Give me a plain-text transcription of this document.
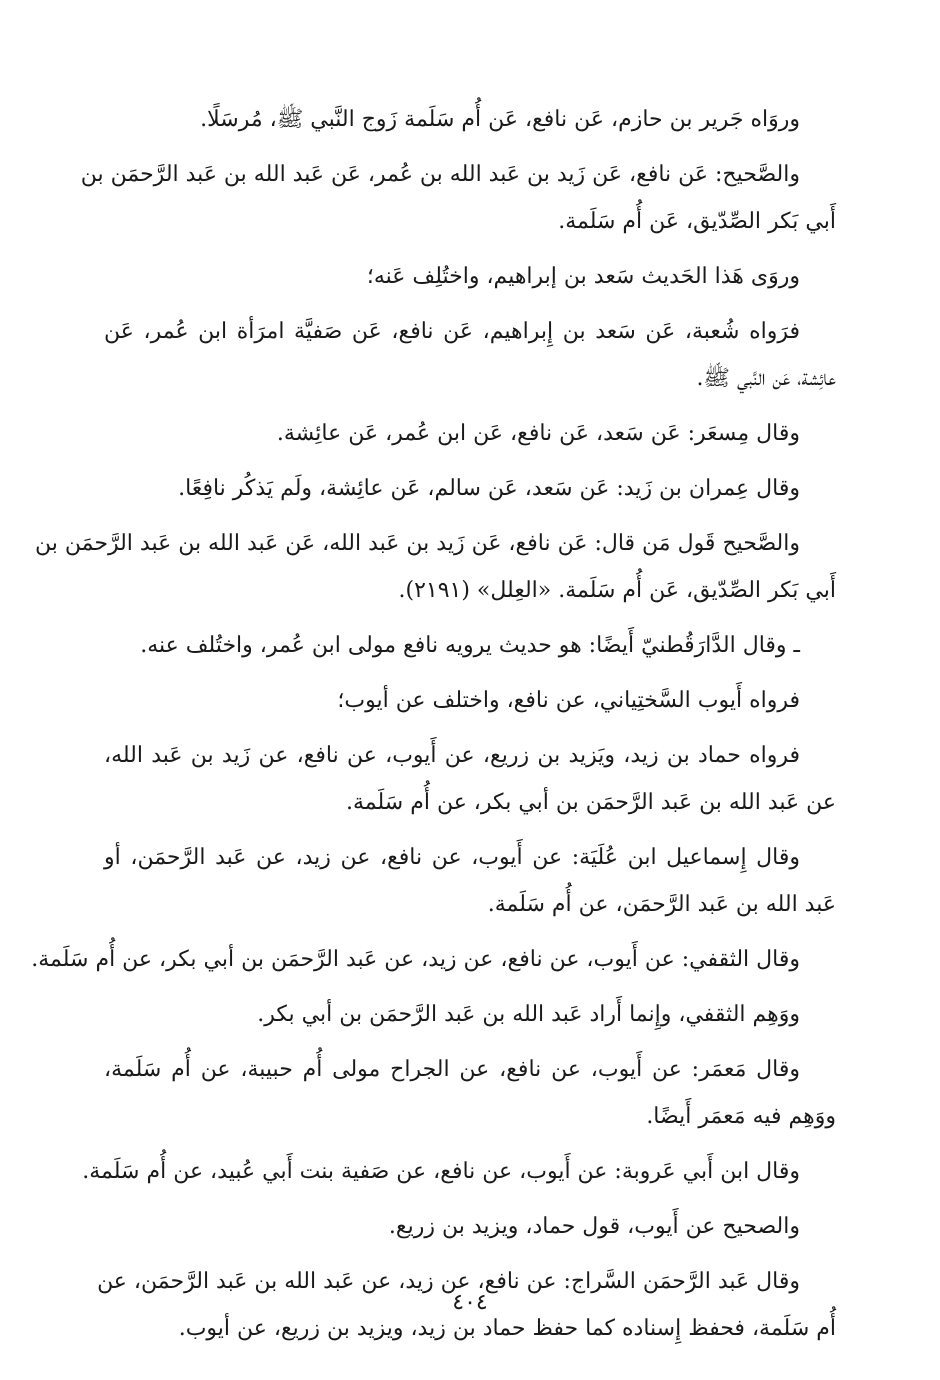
وروَاه جَرير بن حازم، عَن نافع، عَن أُم سَلَمة زَوج النَّبي ﷺ، مُرسَلًا.
والصَّحيح: عَن نافع، عَن زَيد بن عَبد الله بن عُمر، عَن عَبد الله بن عَبد الرَّحمَن بن
أَبي بَكر الصِّدّيق، عَن أُم سَلَمة.
وروَى هَذا الحَديث سَعد بن إبراهيم، واختُلِف عَنه؛
فرَواه شُعبة، عَن سَعد بن إِبراهيم، عَن نافع، عَن صَفيَّة امرَأة ابن عُمر، عَن
عائِشة، عَن النَّبي ﷺ.
وقال مِسعَر: عَن سَعد، عَن نافع، عَن ابن عُمر، عَن عائِشة.
وقال عِمران بن زَيد: عَن سَعد، عَن سالم، عَن عائِشة، ولَم يَذكُر نافِعًا.
والصَّحيح قَول مَن قال: عَن نافع، عَن زَيد بن عَبد الله، عَن عَبد الله بن عَبد الرَّحمَن بن
أَبي بَكر الصِّدّيق، عَن أُم سَلَمة. «العِلل» (٢١٩١).
ـ وقال الدَّارَقُطنيّ أَيضًا: هو حديث يرويه نافع مولى ابن عُمر، واختُلف عنه.
فرواه أَيوب السَّختِياني، عن نافع، واختلف عن أيوب؛
فرواه حماد بن زيد، ويَزيد بن زريع، عن أَيوب، عن نافع، عن زَيد بن عَبد الله،
عن عَبد الله بن عَبد الرَّحمَن بن أبي بكر، عن أُم سَلَمة.
وقال إِسماعيل ابن عُلَيَة: عن أَيوب، عن نافع، عن زيد، عن عَبد الرَّحمَن، أو
عَبد الله بن عَبد الرَّحمَن، عن أُم سَلَمة.
وقال الثقفي: عن أَيوب، عن نافع، عن زيد، عن عَبد الرَّحمَن بن أبي بكر، عن أُم سَلَمة.
ووَهِم الثقفي، وإِنما أَراد عَبد الله بن عَبد الرَّحمَن بن أبي بكر.
وقال مَعمَر: عن أَيوب، عن نافع، عن الجراح مولى أُم حبيبة، عن أُم سَلَمة،
ووَهِم فيه مَعمَر أَيضًا.
وقال ابن أَبي عَروبة: عن أَيوب، عن نافع، عن صَفية بنت أَبي عُبيد، عن أُم سَلَمة.
والصحيح عن أَيوب، قول حماد، ويزيد بن زريع.
وقال عَبد الرَّحمَن السَّراج: عن نافع، عن زيد، عن عَبد الله بن عَبد الرَّحمَن، عن
أُم سَلَمة، فحفظ إِسناده كما حفظ حماد بن زيد، ويزيد بن زريع، عن أيوب.
٤٠٤
